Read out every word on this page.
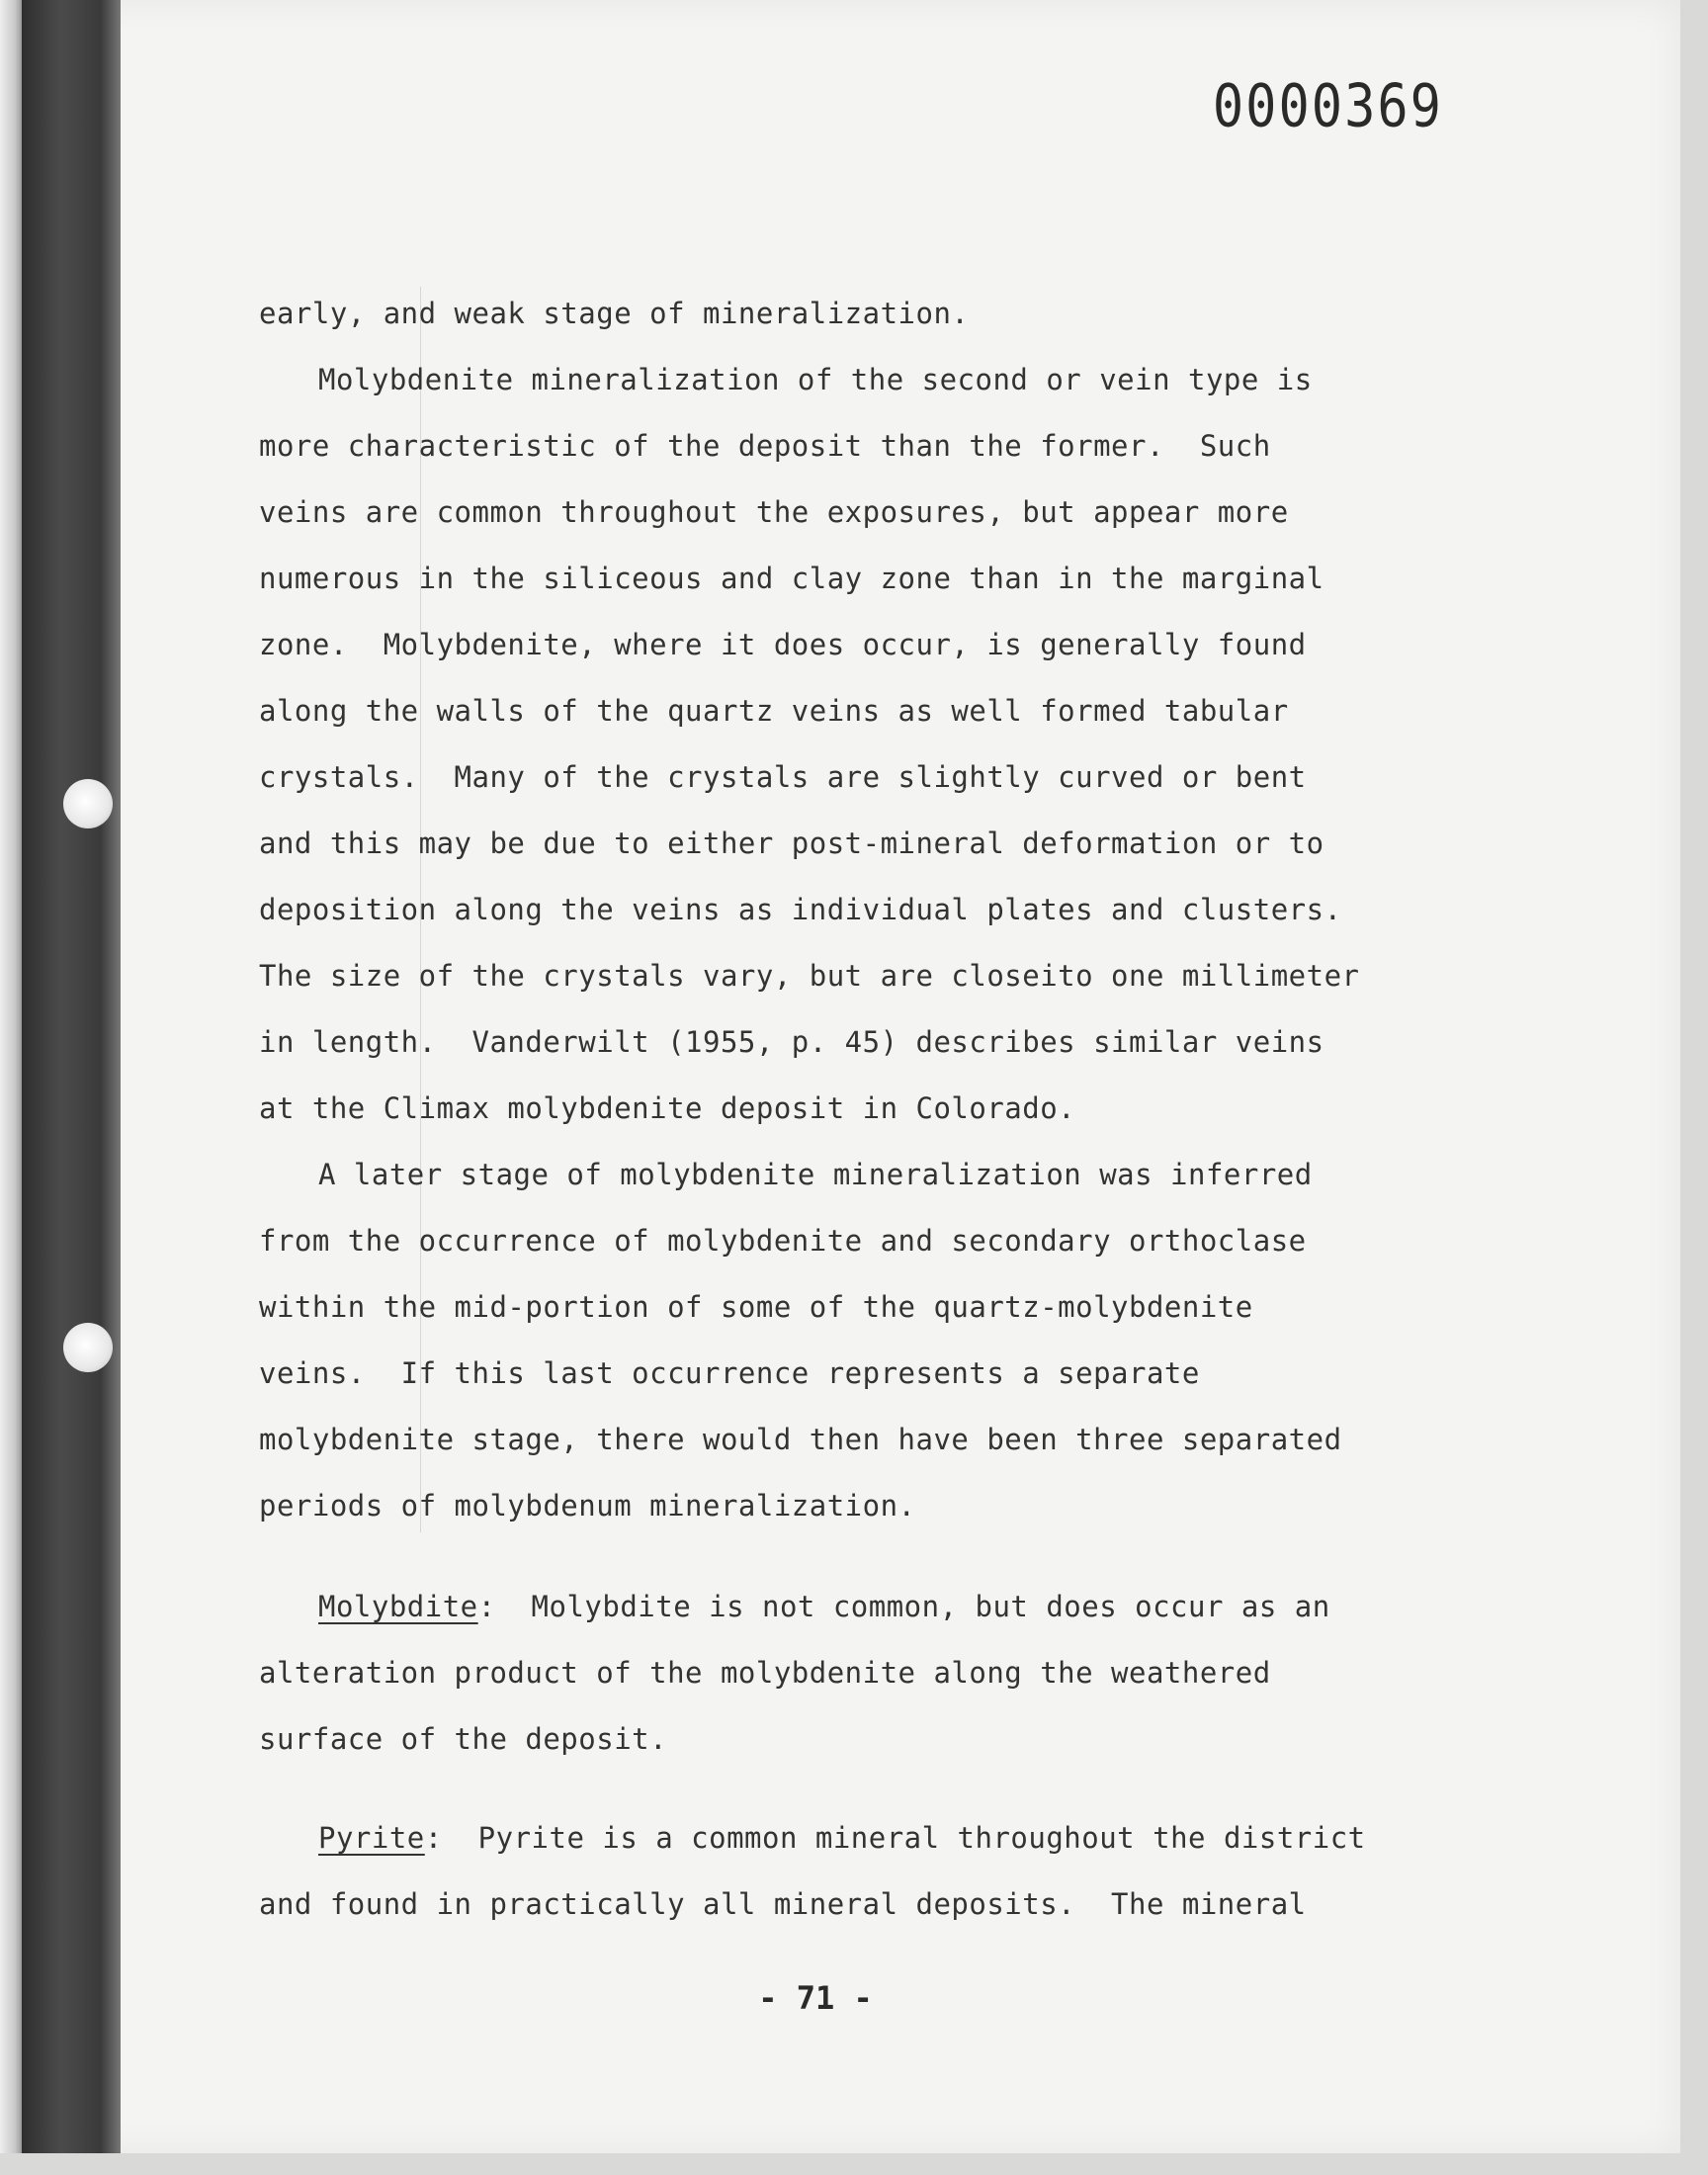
0000369
early, and weak stage of mineralization.
Molybdenite mineralization of the second or vein type is
more characteristic of the deposit than the former.  Such
veins are common throughout the exposures, but appear more
numerous in the siliceous and clay zone than in the marginal
zone.  Molybdenite, where it does occur, is generally found
along the walls of the quartz veins as well formed tabular
crystals.  Many of the crystals are slightly curved or bent
and this may be due to either post-mineral deformation or to
deposition along the veins as individual plates and clusters.
The size of the crystals vary, but are closeito one millimeter
in length.  Vanderwilt (1955, p. 45) describes similar veins
at the Climax molybdenite deposit in Colorado.
A later stage of molybdenite mineralization was inferred
from the occurrence of molybdenite and secondary orthoclase
within the mid-portion of some of the quartz-molybdenite
veins.  If this last occurrence represents a separate
molybdenite stage, there would then have been three separated
periods of molybdenum mineralization.
Molybdite:  Molybdite is not common, but does occur as an
alteration product of the molybdenite along the weathered
surface of the deposit.
Pyrite:  Pyrite is a common mineral throughout the district
and found in practically all mineral deposits.  The mineral
- 71 -
